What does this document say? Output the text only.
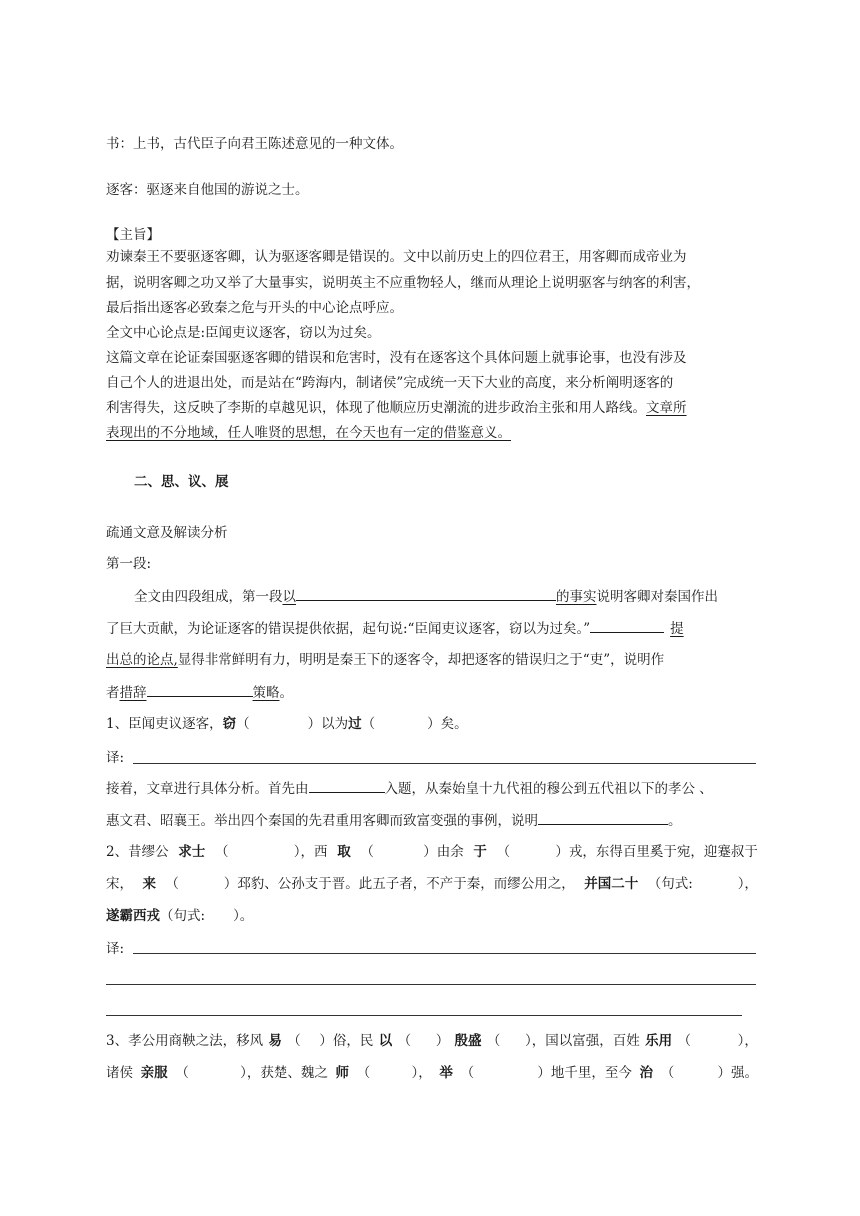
书：上书，古代臣子向君王陈述意见的一种文体。
逐客：驱逐来自他国的游说之士。
【主旨】
劝谏秦王不要驱逐客卿，认为驱逐客卿是错误的。文中以前历史上的四位君王，用客卿而成帝业为
据，说明客卿之功又举了大量事实，说明英主不应重物轻人，继而从理论上说明驱客与纳客的利害，
最后指出逐客必致秦之危与开头的中心论点呼应。
全文中心论点是:臣闻吏议逐客，窃以为过矣。
这篇文章在论证秦国驱逐客卿的错误和危害时，没有在逐客这个具体问题上就事论事，也没有涉及
自己个人的进退出处，而是站在“跨海内，制诸侯”完成统一天下大业的高度，来分析阐明逐客的
利害得失，这反映了李斯的卓越见识，体现了他顺应历史潮流的进步政治主张和用人路线。文章所
表现出的不分地域，任人唯贤的思想，在今天也有一定的借鉴意义。
二、思、议、展
疏通文意及解读分析
第一段:
全文由四段组成，第一段以	的事实说明客卿对秦国作出
了巨大贡献，为论证逐客的错误提供依据，起句说:“臣闻吏议逐客，窃以为过矣。”	提
出总的论点,显得非常鲜明有力，明明是秦王下的逐客令，却把逐客的错误归之于“吏”，说明作
者措辞	策略。
1、臣闻吏议逐客，窃（	）以为过（	）矣。
译:
接着，文章进行具体分析。首先由	入题，从秦始皇十九代祖的穆公到五代祖以下的孝公 、
惠文君、昭襄王。举出四个秦国的先君重用客卿而致富变强的事例，说明	。
2、昔缪公 求士 （	），西 取 （	）由余 于 （	）戎，东得百里奚于宛，迎蹇叔于
宋， 来 （	）邳豹、公孙支于晋。此五子者，不产于秦，而缪公用之， 并国二十 （句式:	），
遂霸西戎（句式: ）。
译:
3、孝公用商鞅之法，移风 易 （ ）俗，民 以 （ ） 殷盛 （ ），国以富强，百姓 乐用 （	），
诸侯 亲服 （	），获楚、魏之 师 （	）， 举 （	）地千里，至今 治 （	）强。
